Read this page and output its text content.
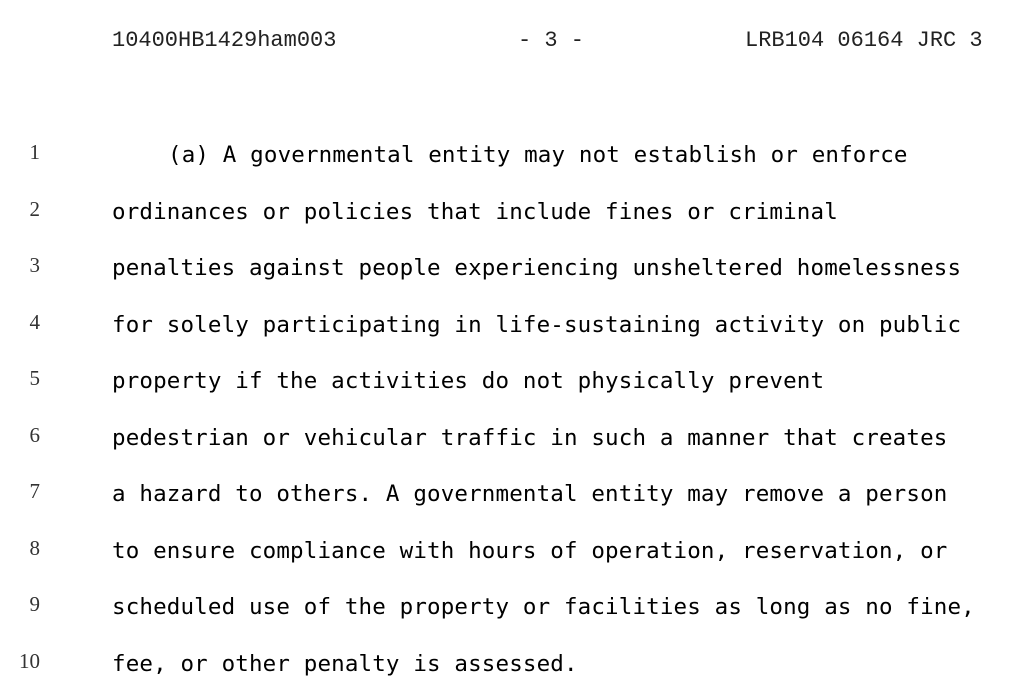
10400HB1429ham003	- 3 -	LRB104 06164 JRC 3
1	(a) A governmental entity may not establish or enforce
2	ordinances or policies that include fines or criminal
3	penalties against people experiencing unsheltered homelessness
4	for solely participating in life-sustaining activity on public
5	property if the activities do not physically prevent
6	pedestrian or vehicular traffic in such a manner that creates
7	a hazard to others. A governmental entity may remove a person
8	to ensure compliance with hours of operation, reservation, or
9	scheduled use of the property or facilities as long as no fine,
10	fee, or other penalty is assessed.
